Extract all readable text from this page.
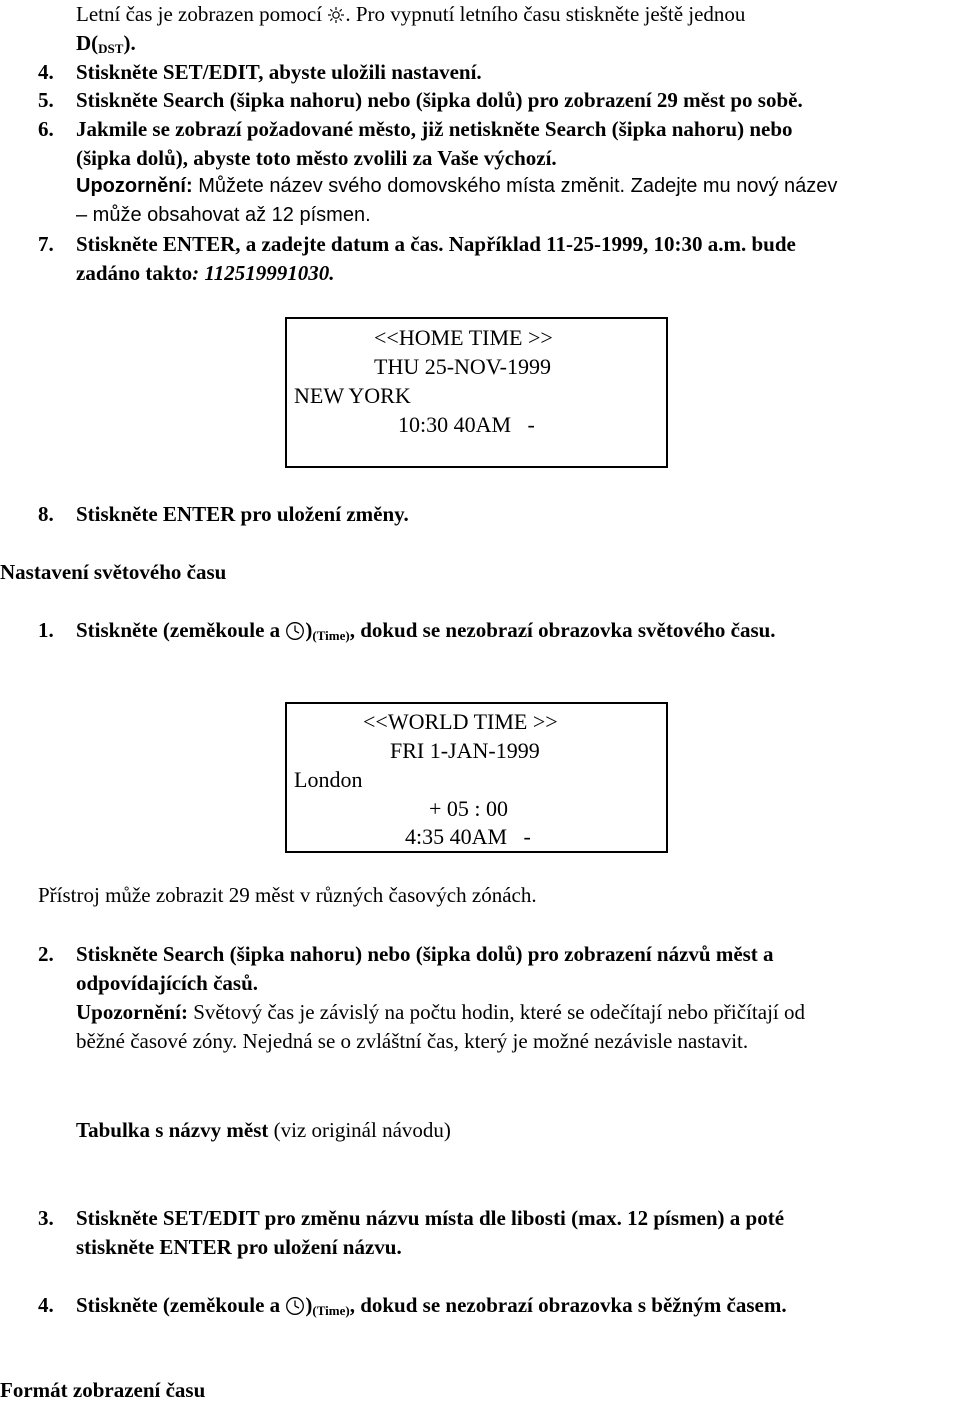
Letní čas je zobrazen pomocí . Pro vypnutí letního času stiskněte ještě jednou
$D(_{DST})$.
4. Stiskněte SET/EDIT, abyste uložili nastavení.
5. Stiskněte Search (šipka nahoru) nebo (šipka dolů) pro zobrazení 29 měst po sobě.
6. Jakmile se zobrazí požadované město, již netiskněte Search (šipka nahoru) nebo
(šipka dolů), abyste toto město zvolili za Vaše výchozí.
Upozornění: Můžete název svého domovského místa změnit. Zadejte mu nový název
– může obsahovat až 12 písmen.
7. Stiskněte ENTER, a zadejte datum a čas. Například 11-25-1999, 10:30 a.m. bude
zadáno takto: 112519991030.
<<HOME TIME >>
THU 25-NOV-1999
NEW YORK
10:30 40AM   -
8. Stiskněte ENTER pro uložení změny.
Nastavení světového času
1. Stiskněte (zeměkoule a )$_{(Time)}$, dokud se nezobrazí obrazovka světového času.
<<WORLD TIME >>
FRI 1-JAN-1999
London
+ 05 : 00
4:35 40AM   -
Přístroj může zobrazit 29 měst v různých časových zónách.
2. Stiskněte Search (šipka nahoru) nebo (šipka dolů) pro zobrazení názvů měst a
odpovídajících časů.
Upozornění: Světový čas je závislý na počtu hodin, které se odečítají nebo přičítají od
běžné časové zóny. Nejedná se o zvláštní čas, který je možné nezávisle nastavit.
Tabulka s názvy měst (viz originál návodu)
3. Stiskněte SET/EDIT pro změnu názvu místa dle libosti (max. 12 písmen) a poté
stiskněte ENTER pro uložení názvu.
4. Stiskněte (zeměkoule a )$_{(Time)}$, dokud se nezobrazí obrazovka s běžným časem.
Formát zobrazení času
